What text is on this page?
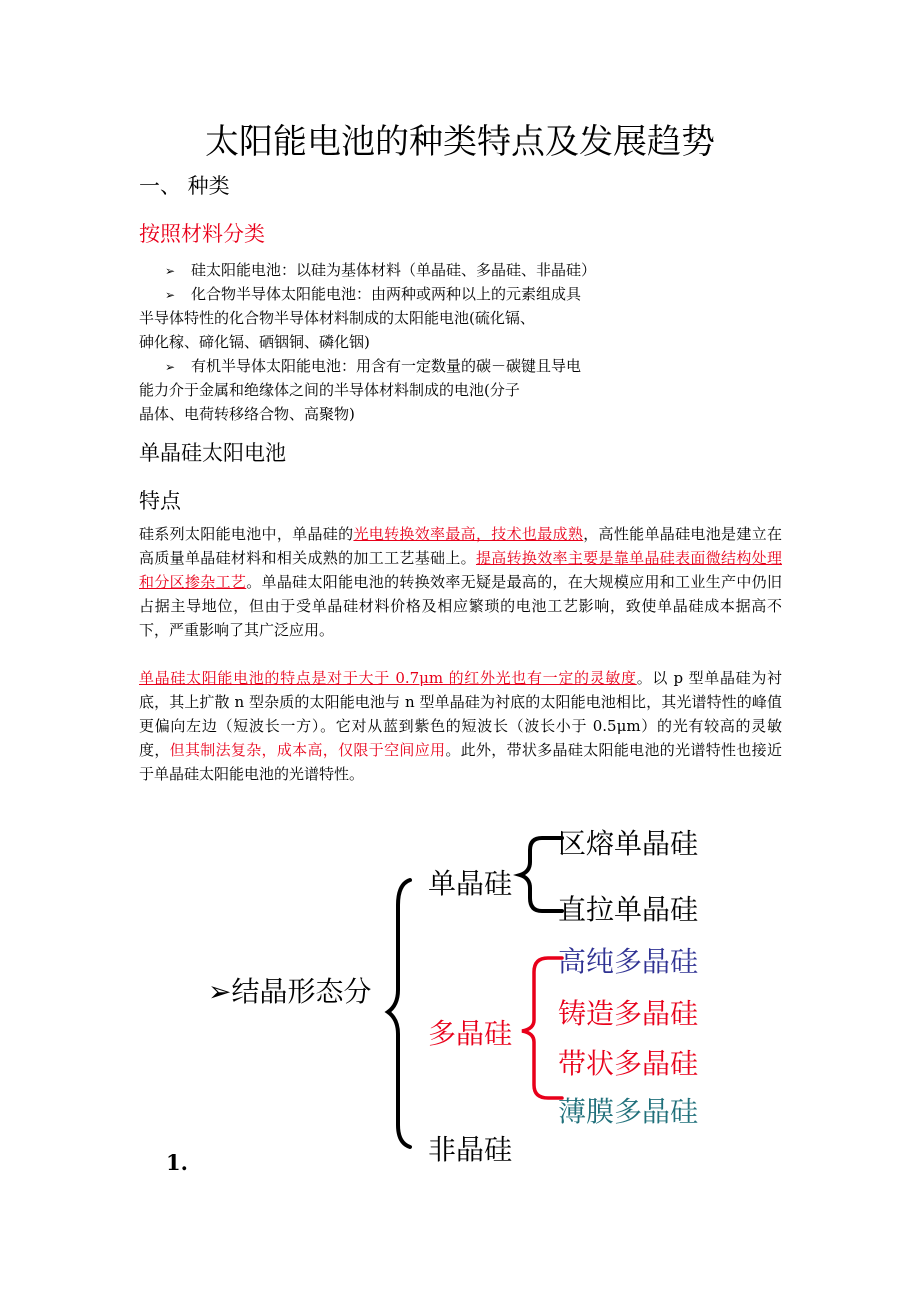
太阳能电池的种类特点及发展趋势
一、 种类
按照材料分类
➢ 硅太阳能电池：以硅为基体材料（单晶硅、多晶硅、非晶硅）
➢ 化合物半导体太阳能电池：由两种或两种以上的元素组成具
半导体特性的化合物半导体材料制成的太阳能电池(硫化镉、
砷化稼、碲化镉、硒铟铜、磷化铟)
➢ 有机半导体太阳能电池：用含有一定数量的碳－碳键且导电
能力介于金属和绝缘体之间的半导体材料制成的电池(分子
晶体、电荷转移络合物、高聚物)
单晶硅太阳电池
特点
硅系列太阳能电池中，单晶硅的光电转换效率最高，技术也最成熟，高性能单晶硅电池是建立在高质量单晶硅材料和相关成熟的加工工艺基础上。提高转换效率主要是靠单晶硅表面微结构处理和分区掺杂工艺。单晶硅太阳能电池的转换效率无疑是最高的，在大规模应用和工业生产中仍旧占据主导地位，但由于受单晶硅材料价格及相应繁琐的电池工艺影响，致使单晶硅成本据高不下，严重影响了其广泛应用。
单晶硅太阳能电池的特点是对于大于 0.7μm 的红外光也有一定的灵敏度。以 p 型单晶硅为衬底，其上扩散 n 型杂质的太阳能电池与 n 型单晶硅为衬底的太阳能电池相比，其光谱特性的峰值更偏向左边（短波长一方）。它对从蓝到紫色的短波长（波长小于 0.5μm）的光有较高的灵敏度，但其制法复杂，成本高，仅限于空间应用。此外，带状多晶硅太阳能电池的光谱特性也接近于单晶硅太阳能电池的光谱特性。
➢结晶形态分
单晶硅
区熔单晶硅
直拉单晶硅
多晶硅
高纯多晶硅
铸造多晶硅
带状多晶硅
薄膜多晶硅
非晶硅
1.
